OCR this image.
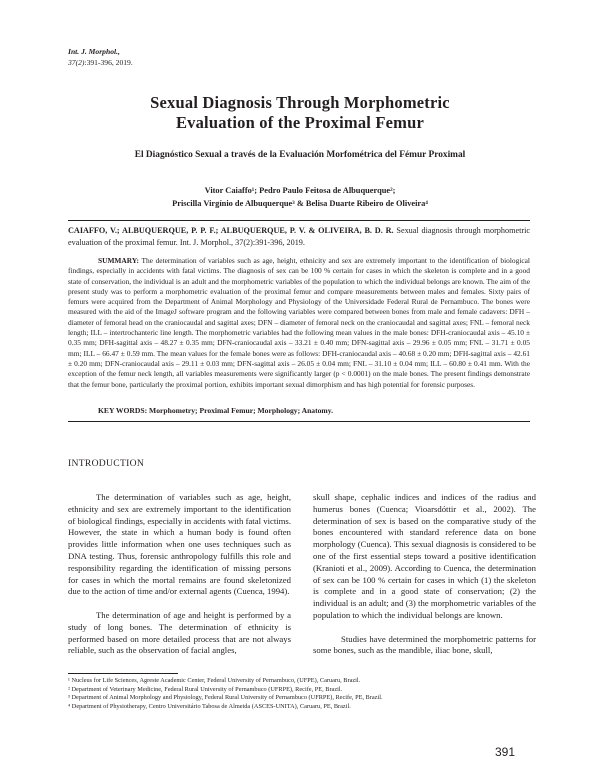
Int. J. Morphol.,
37(2):391-396, 2019.
Sexual Diagnosis Through Morphometric
Evaluation of the Proximal Femur
El Diagnóstico Sexual a través de la Evaluación Morfométrica del Fémur Proximal
Vitor Caiaffo¹; Pedro Paulo Feitosa de Albuquerque²;
Priscilla Virgínio de Albuquerque³ & Belisa Duarte Ribeiro de Oliveira⁴
CAIAFFO, V.; ALBUQUERQUE, P. P. F.; ALBUQUERQUE, P. V. & OLIVEIRA, B. D. R. Sexual diagnosis through morphometric evaluation of the proximal femur. Int. J. Morphol., 37(2):391-396, 2019.
SUMMARY: The determination of variables such as age, height, ethnicity and sex are extremely important to the identification of biological findings, especially in accidents with fatal victims. The diagnosis of sex can be 100 % certain for cases in which the skeleton is complete and in a good state of conservation, the individual is an adult and the morphometric variables of the population to which the individual belongs are known. The aim of the present study was to perform a morphometric evaluation of the proximal femur and compare measurements between males and females. Sixty pairs of femurs were acquired from the Department of Animal Morphology and Physiology of the Universidade Federal Rural de Pernambuco. The bones were measured with the aid of the ImageJ software program and the following variables were compared between bones from male and female cadavers: DFH – diameter of femoral head on the craniocaudal and sagittal axes; DFN – diameter of femoral neck on the craniocaudal and sagittal axes; FNL – femoral neck length; ILL – intertrochanteric line length. The morphometric variables had the following mean values in the male bones: DFH-craniocaudal axis – 45.10 ± 0.35 mm; DFH-sagittal axis – 48.27 ± 0.35 mm; DFN-craniocaudal axis – 33.21 ± 0.40 mm; DFN-sagittal axis – 29.96 ± 0.05 mm; FNL – 31.71 ± 0.05 mm; ILL – 66.47 ± 0.59 mm. The mean values for the female bones were as follows: DFH-craniocaudal axis – 40.68 ± 0.20 mm; DFH-sagittal axis – 42.61 ± 0.20 mm; DFN-craniocaudal axis – 29.11 ± 0.03 mm; DFN-sagittal axis – 26.05 ± 0.04 mm; FNL – 31.10 ± 0.04 mm; ILL – 60.80 ± 0.41 mm. With the exception of the femur neck length, all variables measurements were significantly larger (p < 0.0001) on the male bones. The present findings demonstrate that the femur bone, particularly the proximal portion, exhibits important sexual dimorphism and has high potential for forensic purposes.
KEY WORDS: Morphometry; Proximal Femur; Morphology; Anatomy.
INTRODUCTION

The determination of variables such as age, height, ethnicity and sex are extremely important to the identification of biological findings, especially in accidents with fatal victims. However, the state in which a human body is found often provides little information when one uses techniques such as DNA testing. Thus, forensic anthropology fulfills this role and responsibility regarding the identification of missing persons for cases in which the mortal remains are found skeletonized due to the action of time and/or external agents (Cuenca, 1994).

The determination of age and height is performed by a study of long bones. The determination of ethnicity is performed based on more detailed process that are not always reliable, such as the observation of facial angles,

skull shape, cephalic indices and indices of the radius and humerus bones (Cuenca; Vioarsdóttir et al., 2002). The determination of sex is based on the comparative study of the bones encountered with standard reference data on bone morphology (Cuenca). This sexual diagnosis is considered to be one of the first essential steps toward a positive identification (Kranioti et al., 2009). According to Cuenca, the determination of sex can be 100 % certain for cases in which (1) the skeleton is complete and in a good state of conservation; (2) the individual is an adult; and (3) the morphometric variables of the population to which the individual belongs are known.

Studies have determined the morphometric patterns for some bones, such as the mandible, iliac bone, skull,

¹ Nucleus for Life Sciences, Agreste Academic Center, Federal University of Pernambuco, (UFPE), Caruaru, Brazil.
² Department of Veterinary Medicine, Federal Rural University of Pernambuco (UFRPE), Recife, PE, Brazil.
³ Department of Animal Morphology and Physiology, Federal Rural University of Pernambuco (UFRPE), Recife, PE, Brazil.
⁴ Department of Physiotherapy, Centro Universitário Tabosa de Almeida (ASCES-UNITA), Caruaru, PE, Brazil.
391
